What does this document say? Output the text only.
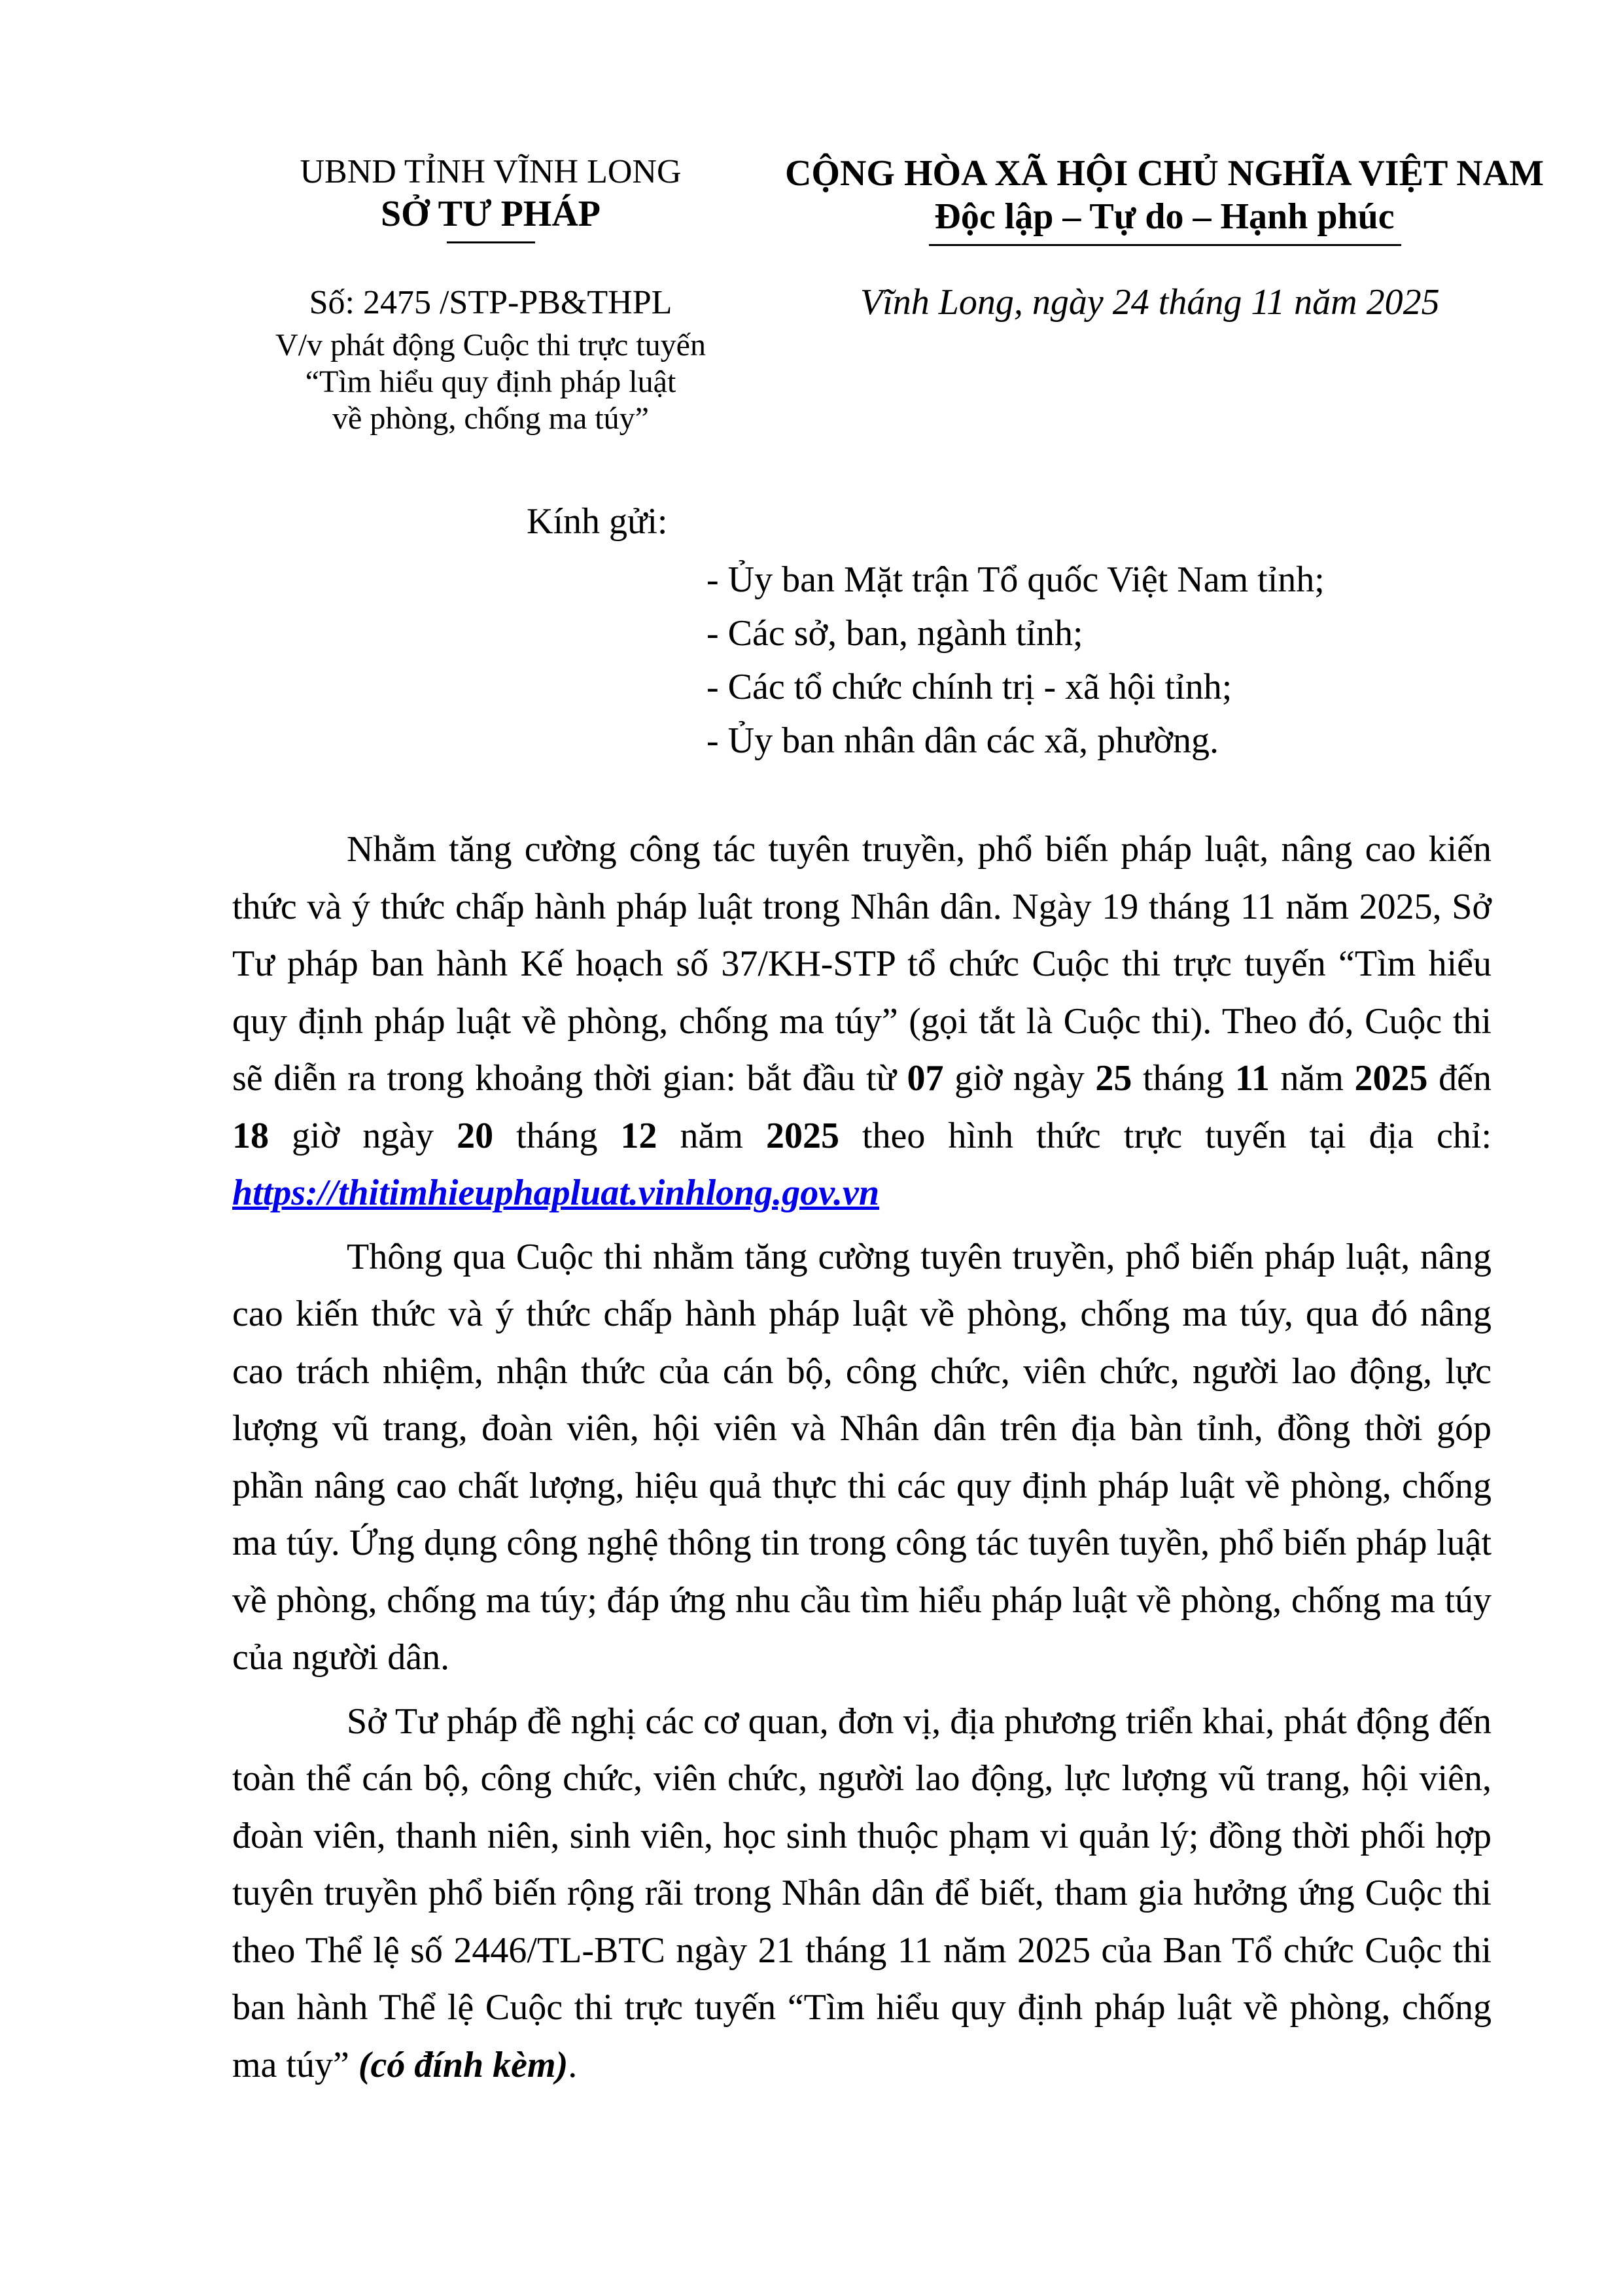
UBND TỈNH VĨNH LONG
SỞ TƯ PHÁP
CỘNG HÒA XÃ HỘI CHỦ NGHĨA VIỆT NAM
Độc lập – Tự do – Hạnh phúc
Số: 2475 /STP-PB&THPL
V/v phát động Cuộc thi trực tuyến
“Tìm hiểu quy định pháp luật
về phòng, chống ma túy”
Vĩnh Long, ngày 24 tháng 11 năm 2025
Kính gửi:
- Ủy ban Mặt trận Tổ quốc Việt Nam tỉnh;
- Các sở, ban, ngành tỉnh;
- Các tổ chức chính trị - xã hội tỉnh;
- Ủy ban nhân dân các xã, phường.

Nhằm tăng cường công tác tuyên truyền, phổ biến pháp luật, nâng cao kiến thức và ý thức chấp hành pháp luật trong Nhân dân. Ngày 19 tháng 11 năm 2025, Sở Tư pháp ban hành Kế hoạch số 37/KH-STP tổ chức Cuộc thi trực tuyến “Tìm hiểu quy định pháp luật về phòng, chống ma túy” (gọi tắt là Cuộc thi). Theo đó, Cuộc thi sẽ diễn ra trong khoảng thời gian: bắt đầu từ 07 giờ ngày 25 tháng 11 năm 2025 đến 18 giờ ngày 20 tháng 12 năm 2025 theo hình thức trực tuyến tại địa chỉ: https://thitimhieuphapluat.vinhlong.gov.vn

Thông qua Cuộc thi nhằm tăng cường tuyên truyền, phổ biến pháp luật, nâng cao kiến thức và ý thức chấp hành pháp luật về phòng, chống ma túy, qua đó nâng cao trách nhiệm, nhận thức của cán bộ, công chức, viên chức, người lao động, lực lượng vũ trang, đoàn viên, hội viên và Nhân dân trên địa bàn tỉnh, đồng thời góp phần nâng cao chất lượng, hiệu quả thực thi các quy định pháp luật về phòng, chống ma túy. Ứng dụng công nghệ thông tin trong công tác tuyên tuyền, phổ biến pháp luật về phòng, chống ma túy; đáp ứng nhu cầu tìm hiểu pháp luật về phòng, chống ma túy của người dân.

Sở Tư pháp đề nghị các cơ quan, đơn vị, địa phương triển khai, phát động đến toàn thể cán bộ, công chức, viên chức, người lao động, lực lượng vũ trang, hội viên, đoàn viên, thanh niên, sinh viên, học sinh thuộc phạm vi quản lý; đồng thời phối hợp tuyên truyền phổ biến rộng rãi trong Nhân dân để biết, tham gia hưởng ứng Cuộc thi theo Thể lệ số 2446/TL-BTC ngày 21 tháng 11 năm 2025 của Ban Tổ chức Cuộc thi ban hành Thể lệ Cuộc thi trực tuyến “Tìm hiểu quy định pháp luật về phòng, chống ma túy” (có đính kèm).
